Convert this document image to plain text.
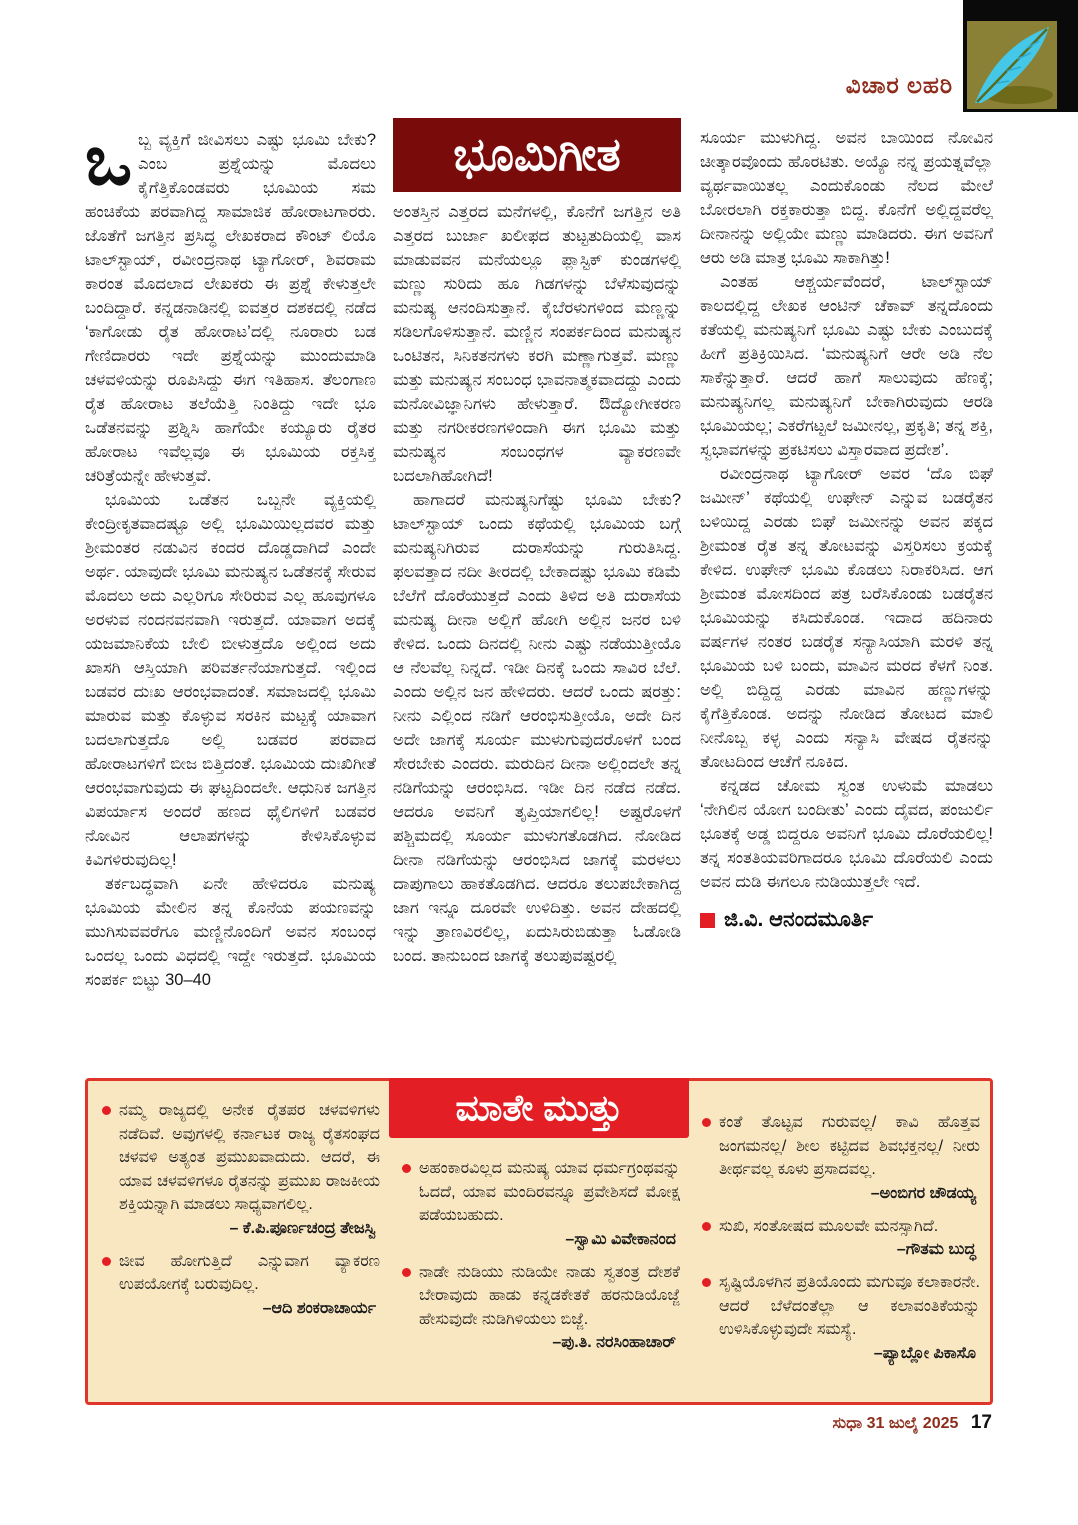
ವಿಚಾರ ಲಹರಿ
ಭೂಮಿಗೀತ

ಒಬ್ಬ ವ್ಯಕ್ತಿಗೆ ಜೀವಿಸಲು ಎಷ್ಟು ಭೂಮಿ ಬೇಕು? ಎಂಬ ಪ್ರಶ್ನೆಯನ್ನು ಮೊದಲು ಕೈಗೆತ್ತಿಕೊಂಡವರು ಭೂಮಿಯ ಸಮ ಹಂಚಿಕೆಯ ಪರವಾಗಿದ್ದ ಸಾಮಾಜಿಕ ಹೋರಾಟಗಾರರು. ಜೊತೆಗೆ ಜಗತ್ತಿನ ಪ್ರಸಿದ್ಧ ಲೇಖಕರಾದ ಕೌಂಟ್ ಲಿಯೊ ಟಾಲ್‌ಸ್ಟಾಯ್, ರವೀಂದ್ರನಾಥ ಟ್ಯಾಗೋರ್, ಶಿವರಾಮ ಕಾರಂತ ಮೊದಲಾದ ಲೇಖಕರು ಈ ಪ್ರಶ್ನೆ ಕೇಳುತ್ತಲೇ ಬಂದಿದ್ದಾರೆ. ಕನ್ನಡನಾಡಿನಲ್ಲಿ ಐವತ್ತರ ದಶಕದಲ್ಲಿ ನಡೆದ ‘ಕಾಗೋಡು ರೈತ ಹೋರಾಟ’ದಲ್ಲಿ ನೂರಾರು ಬಡ ಗೇಣಿದಾರರು ಇದೇ ಪ್ರಶ್ನೆಯನ್ನು ಮುಂದುಮಾಡಿ ಚಳವಳಿಯನ್ನು ರೂಪಿಸಿದ್ದು ಈಗ ಇತಿಹಾಸ. ತೆಲಂಗಾಣ ರೈತ ಹೋರಾಟ ತಲೆಯೆತ್ತಿ ನಿಂತಿದ್ದು ಇದೇ ಭೂ ಒಡೆತನವನ್ನು ಪ್ರಶ್ನಿಸಿ ಹಾಗೆಯೇ ಕಯ್ಯೂರು ರೈತರ ಹೋರಾಟ ಇವೆಲ್ಲವೂ ಈ ಭೂಮಿಯ ರಕ್ತಸಿಕ್ತ ಚರಿತ್ರೆಯನ್ನೇ ಹೇಳುತ್ತವೆ.

ಭೂಮಿಯ ಒಡೆತನ ಒಬ್ಬನೇ ವ್ಯಕ್ತಿಯಲ್ಲಿ ಕೇಂದ್ರೀಕೃತವಾದಷ್ಟೂ ಅಲ್ಲಿ ಭೂಮಿಯಿಲ್ಲದವರ ಮತ್ತು ಶ್ರೀಮಂತರ ನಡುವಿನ ಕಂದರ ದೊಡ್ಡದಾಗಿದೆ ಎಂದೇ ಅರ್ಥ. ಯಾವುದೇ ಭೂಮಿ ಮನುಷ್ಯನ ಒಡೆತನಕ್ಕೆ ಸೇರುವ ಮೊದಲು ಅದು ಎಲ್ಲರಿಗೂ ಸೇರಿರುವ ಎಲ್ಲ ಹೂವುಗಳೂ ಅರಳುವ ನಂದನವನವಾಗಿ ಇರುತ್ತದೆ. ಯಾವಾಗ ಅದಕ್ಕೆ ಯಜಮಾನಿಕೆಯ ಬೇಲಿ ಬೀಳುತ್ತದೊ ಅಲ್ಲಿಂದ ಅದು ಖಾಸಗಿ ಆಸ್ತಿಯಾಗಿ ಪರಿವರ್ತನೆಯಾಗುತ್ತದೆ. ಇಲ್ಲಿಂದ ಬಡವರ ದುಃಖ ಆರಂಭವಾದಂತೆ. ಸಮಾಜದಲ್ಲಿ ಭೂಮಿ ಮಾರುವ ಮತ್ತು ಕೊಳ್ಳುವ ಸರಕಿನ ಮಟ್ಟಕ್ಕೆ ಯಾವಾಗ ಬದಲಾಗುತ್ತದೊ ಅಲ್ಲಿ ಬಡವರ ಪರವಾದ ಹೋರಾಟಗಳಿಗೆ ಬೀಜ ಬಿತ್ತಿದಂತೆ. ಭೂಮಿಯ ದುಃಖಿಗೀತೆ ಆರಂಭವಾಗುವುದು ಈ ಘಟ್ಟದಿಂದಲೇ. ಆಧುನಿಕ ಜಗತ್ತಿನ ವಿಪರ್ಯಾಸ ಅಂದರೆ ಹಣದ ಥೈಲಿಗಳಿಗೆ ಬಡವರ ನೋವಿನ ಆಲಾಪಗಳನ್ನು ಕೇಳಿಸಿಕೊಳ್ಳುವ ಕಿವಿಗಳಿರುವುದಿಲ್ಲ!

ತರ್ಕಬದ್ಧವಾಗಿ ಏನೇ ಹೇಳಿದರೂ ಮನುಷ್ಯ ಭೂಮಿಯ ಮೇಲಿನ ತನ್ನ ಕೊನೆಯ ಪಯಣವನ್ನು ಮುಗಿಸುವವರೆಗೂ ಮಣ್ಣಿನೊಂದಿಗೆ ಅವನ ಸಂಬಂಧ ಒಂದಲ್ಲ ಒಂದು ವಿಧದಲ್ಲಿ ಇದ್ದೇ ಇರುತ್ತದೆ. ಭೂಮಿಯ ಸಂಪರ್ಕ ಬಿಟ್ಟು 30–40

ಅಂತಸ್ತಿನ ಎತ್ತರದ ಮನೆಗಳಲ್ಲಿ, ಕೊನೆಗೆ ಜಗತ್ತಿನ ಅತಿ ಎತ್ತರದ ಬುರ್ಜಾ ಖಲೀಫದ ತುಟ್ಟತುದಿಯಲ್ಲಿ ವಾಸ ಮಾಡುವವನ ಮನೆಯಲ್ಲೂ ಪ್ಲಾಸ್ಟಿಕ್ ಕುಂಡಗಳಲ್ಲಿ ಮಣ್ಣು ಸುರಿದು ಹೂ ಗಿಡಗಳನ್ನು ಬೆಳೆಸುವುದನ್ನು ಮನುಷ್ಯ ಆನಂದಿಸುತ್ತಾನೆ. ಕೈಬೆರಳುಗಳಿಂದ ಮಣ್ಣನ್ನು ಸಡಿಲಗೊಳಿಸುತ್ತಾನೆ. ಮಣ್ಣಿನ ಸಂಪರ್ಕದಿಂದ ಮನುಷ್ಯನ ಒಂಟಿತನ, ಸಿನಿಕತನಗಳು ಕರಗಿ ಮಣ್ಣಾಗುತ್ತವೆ. ಮಣ್ಣು ಮತ್ತು ಮನುಷ್ಯನ ಸಂಬಂಧ ಭಾವನಾತ್ಮಕವಾದದ್ದು ಎಂದು ಮನೋವಿಜ್ಞಾನಿಗಳು ಹೇಳುತ್ತಾರೆ. ಔದ್ಯೋಗೀಕರಣ ಮತ್ತು ನಗರೀಕರಣಗಳಿಂದಾಗಿ ಈಗ ಭೂಮಿ ಮತ್ತು ಮನುಷ್ಯನ ಸಂಬಂಧಗಳ ವ್ಯಾಕರಣವೇ ಬದಲಾಗಿಹೋಗಿದೆ!

ಹಾಗಾದರೆ ಮನುಷ್ಯನಿಗೆಷ್ಟು ಭೂಮಿ ಬೇಕು? ಟಾಲ್‌ಸ್ಟಾಯ್ ಒಂದು ಕಥೆಯಲ್ಲಿ ಭೂಮಿಯ ಬಗ್ಗೆ ಮನುಷ್ಯನಿಗಿರುವ ದುರಾಸೆಯನ್ನು ಗುರುತಿಸಿದ್ದ. ಫಲವತ್ತಾದ ನದೀ ತೀರದಲ್ಲಿ ಬೇಕಾದಷ್ಟು ಭೂಮಿ ಕಡಿಮೆ ಬೆಲೆಗೆ ದೊರೆಯುತ್ತದೆ ಎಂದು ತಿಳಿದ ಅತಿ ದುರಾಸೆಯ ಮನುಷ್ಯ ದೀನಾ ಅಲ್ಲಿಗೆ ಹೋಗಿ ಅಲ್ಲಿನ ಜನರ ಬಳಿ ಕೇಳಿದ. ಒಂದು ದಿನದಲ್ಲಿ ನೀನು ಎಷ್ಟು ನಡೆಯುತ್ತೀಯೊ ಆ ನೆಲವೆಲ್ಲ ನಿನ್ನದೆ. ಇಡೀ ದಿನಕ್ಕೆ ಒಂದು ಸಾವಿರ ಬೆಲೆ. ಎಂದು ಅಲ್ಲಿನ ಜನ ಹೇಳಿದರು. ಆದರೆ ಒಂದು ಷರತ್ತು: ನೀನು ಎಲ್ಲಿಂದ ನಡಿಗೆ ಆರಂಭಿಸುತ್ತೀಯೊ, ಅದೇ ದಿನ ಅದೇ ಜಾಗಕ್ಕೆ ಸೂರ್ಯ ಮುಳುಗುವುದರೊಳಗೆ ಬಂದ ಸೇರಬೇಕು ಎಂದರು. ಮರುದಿನ ದೀನಾ ಅಲ್ಲಿಂದಲೇ ತನ್ನ ನಡಿಗೆಯನ್ನು ಆರಂಭಿಸಿದ. ಇಡೀ ದಿನ ನಡೆದ ನಡೆದ. ಆದರೂ ಅವನಿಗೆ ತೃಪ್ತಿಯಾಗಲಿಲ್ಲ! ಅಷ್ಟರೊಳಗೆ ಪಶ್ಚಿಮದಲ್ಲಿ ಸೂರ್ಯ ಮುಳುಗತೊಡಗಿದ. ನೋಡಿದ ದೀನಾ ನಡಿಗೆಯನ್ನು ಆರಂಭಿಸಿದ ಜಾಗಕ್ಕೆ ಮರಳಲು ದಾಪುಗಾಲು ಹಾಕತೊಡಗಿದ. ಆದರೂ ತಲುಪಬೇಕಾಗಿದ್ದ ಜಾಗ ಇನ್ನೂ ದೂರವೇ ಉಳಿದಿತ್ತು. ಅವನ ದೇಹದಲ್ಲಿ ಇನ್ನು ತ್ರಾಣವಿರಲಿಲ್ಲ, ಏದುಸಿರುಬಿಡುತ್ತಾ ಓಡೋಡಿ ಬಂದ. ತಾನುಬಂದ ಜಾಗಕ್ಕೆ ತಲುಪುವಷ್ಟರಲ್ಲಿ

ಸೂರ್ಯ ಮುಳುಗಿದ್ದ. ಅವನ ಬಾಯಿಂದ ನೋವಿನ ಚೀತ್ಕಾರವೊಂದು ಹೊರಟಿತು. ಅಯ್ಯೊ ನನ್ನ ಪ್ರಯತ್ನವೆಲ್ಲಾ ವ್ಯರ್ಥವಾಯಿತಲ್ಲ ಎಂದುಕೊಂಡು ನೆಲದ ಮೇಲೆ ಬೋರಲಾಗಿ ರಕ್ತಕಾರುತ್ತಾ ಬಿದ್ದ. ಕೊನೆಗೆ ಅಲ್ಲಿದ್ದವರೆಲ್ಲ ದೀನಾನನ್ನು ಅಲ್ಲಿಯೇ ಮಣ್ಣು ಮಾಡಿದರು. ಈಗ ಅವನಿಗೆ ಆರು ಅಡಿ ಮಾತ್ರ ಭೂಮಿ ಸಾಕಾಗಿತ್ತು!

ಎಂತಹ ಆಶ್ಚರ್ಯವೆಂದರೆ, ಟಾಲ್‌ಸ್ಟಾಯ್ ಕಾಲದಲ್ಲಿದ್ದ ಲೇಖಕ ಆಂಟಿನ್ ಚೆಕಾವ್ ತನ್ನದೊಂದು ಕತೆಯಲ್ಲಿ ಮನುಷ್ಯನಿಗೆ ಭೂಮಿ ಎಷ್ಟು ಬೇಕು ಎಂಬುದಕ್ಕೆ ಹೀಗೆ ಪ್ರತಿಕ್ರಿಯಿಸಿದ. ‘ಮನುಷ್ಯನಿಗೆ ಆರೇ ಅಡಿ ನೆಲ ಸಾಕೆನ್ನುತ್ತಾರೆ. ಆದರೆ ಹಾಗೆ ಸಾಲುವುದು ಹೆಣಕ್ಕೆ; ಮನುಷ್ಯನಿಗಲ್ಲ ಮನುಷ್ಯನಿಗೆ ಬೇಕಾಗಿರುವುದು ಆರಡಿ ಭೂಮಿಯಲ್ಲ; ಎಕರೆಗಟ್ಟಲೆ ಜಮೀನಲ್ಲ, ಪ್ರಕೃತಿ; ತನ್ನ ಶಕ್ತಿ, ಸ್ವಭಾವಗಳನ್ನು ಪ್ರಕಟಿಸಲು ವಿಸ್ತಾರವಾದ ಪ್ರದೇಶ’.

ರವೀಂದ್ರನಾಥ ಟ್ಯಾಗೋರ್ ಅವರ ‘ದೊ ಬಿಘೆ ಜಮೀನ್’ ಕಥೆಯಲ್ಲಿ ಉಘೇನ್ ಎನ್ನುವ ಬಡರೈತನ ಬಳಿಯಿದ್ದ ಎರಡು ಬಿಘೆ ಜಮೀನನ್ನು ಅವನ ಪಕ್ಕದ ಶ್ರೀಮಂತ ರೈತ ತನ್ನ ತೋಟವನ್ನು ವಿಸ್ತರಿಸಲು ಕ್ರಯಕ್ಕೆ ಕೇಳಿದ. ಉಘೇನ್ ಭೂಮಿ ಕೊಡಲು ನಿರಾಕರಿಸಿದ. ಆಗ ಶ್ರೀಮಂತ ಮೋಸದಿಂದ ಪತ್ರ ಬರೆಸಿಕೊಂಡು ಬಡರೈತನ ಭೂಮಿಯನ್ನು ಕಸಿದುಕೊಂಡ. ಇದಾದ ಹದಿನಾರು ವರ್ಷಗಳ ನಂತರ ಬಡರೈತ ಸನ್ಯಾಸಿಯಾಗಿ ಮರಳಿ ತನ್ನ ಭೂಮಿಯ ಬಳಿ ಬಂದು, ಮಾವಿನ ಮರದ ಕೆಳಗೆ ನಿಂತ. ಅಲ್ಲಿ ಬಿದ್ದಿದ್ದ ಎರಡು ಮಾವಿನ ಹಣ್ಣುಗಳನ್ನು ಕೈಗೆತ್ತಿಕೊಂಡ. ಅದನ್ನು ನೋಡಿದ ತೋಟದ ಮಾಲಿ ನೀನೊಬ್ಬ ಕಳ್ಳ ಎಂದು ಸನ್ಯಾಸಿ ವೇಷದ ರೈತನನ್ನು ತೋಟದಿಂದ ಆಚೆಗೆ ನೂಕಿದ.

ಕನ್ನಡದ ಚೋಮ ಸ್ವಂತ ಉಳುಮೆ ಮಾಡಲು ‘ನೇಗಿಲಿನ ಯೋಗ ಬಂದೀತು’ ಎಂದು ದೈವದ, ಪಂಜುರ್ಲಿ ಭೂತಕ್ಕೆ ಅಡ್ಡ ಬಿದ್ದರೂ ಅವನಿಗೆ ಭೂಮಿ ದೊರೆಯಲಿಲ್ಲ! ತನ್ನ ಸಂತತಿಯವರಿಗಾದರೂ ಭೂಮಿ ದೊರೆಯಲಿ ಎಂದು ಅವನ ದುಡಿ ಈಗಲೂ ನುಡಿಯುತ್ತಲೇ ಇದೆ.

ಜಿ.ವಿ. ಆನಂದಮೂರ್ತಿ

ಮಾತೇ ಮುತ್ತು

ನಮ್ಮ ರಾಜ್ಯದಲ್ಲಿ ಅನೇಕ ರೈತಪರ ಚಳವಳಿಗಳು ನಡೆದಿವೆ. ಅವುಗಳಲ್ಲಿ ಕರ್ನಾಟಕ ರಾಜ್ಯ ರೈತಸಂಘದ ಚಳವಳಿ ಅತ್ಯಂತ ಪ್ರಮುಖವಾದುದು. ಆದರೆ, ಈ ಯಾವ ಚಳವಳಿಗಳೂ ರೈತನನ್ನು ಪ್ರಮುಖ ರಾಜಕೀಯ ಶಕ್ತಿಯನ್ನಾಗಿ ಮಾಡಲು ಸಾಧ್ಯವಾಗಲಿಲ್ಲ.

– ಕೆ.ಪಿ.ಪೂರ್ಣಚಂದ್ರ ತೇಜಸ್ವಿ

ಜೀವ ಹೋಗುತ್ತಿದೆ ಎನ್ನುವಾಗ ವ್ಯಾಕರಣ ಉಪಯೋಗಕ್ಕೆ ಬರುವುದಿಲ್ಲ.

–ಆದಿ ಶಂಕರಾಚಾರ್ಯ

ಅಹಂಕಾರವಿಲ್ಲದ ಮನುಷ್ಯ ಯಾವ ಧರ್ಮಗ್ರಂಥವನ್ನು ಓದದೆ, ಯಾವ ಮಂದಿರವನ್ನೂ ಪ್ರವೇಶಿಸದೆ ಮೋಕ್ಷ ಪಡೆಯಬಹುದು.

–ಸ್ವಾಮಿ ವಿವೇಕಾನಂದ

ನಾಡೇ ನುಡಿಯು ನುಡಿಯೇ ನಾಡು ಸ್ವತಂತ್ರ ದೇಶಕೆ ಬೇರಾವುದು ಹಾಡು ಕನ್ನಡಕೇತಕೆ ಹರನುಡಿಯೊಜ್ಜೆ ಹೇಸುವುದೇ ನುಡಿಗಿಳಿಯಲು ಬಿಜ್ಜೆ.

–ಪು.ತಿ. ನರಸಿಂಹಾಚಾರ್

ಕಂತೆ ತೊಟ್ಟವ ಗುರುವಲ್ಲ/ ಕಾವಿ ಹೊತ್ತವ ಜಂಗಮನಲ್ಲ/ ಶೀಲ ಕಟ್ಟಿದವ ಶಿವಭಕ್ತನಲ್ಲ/ ನೀರು ತೀರ್ಥವಲ್ಲ ಕೂಳು ಪ್ರಸಾದವಲ್ಲ.

–ಅಂಬಿಗರ ಚೌಡಯ್ಯ

ಸುಖಿ, ಸಂತೋಷದ ಮೂಲವೇ ಮನಸ್ಸಾಗಿದೆ.

–ಗೌತಮ ಬುದ್ಧ

ಸೃಷ್ಟಿಯೊಳಗಿನ ಪ್ರತಿಯೊಂದು ಮಗುವೂ ಕಲಾಕಾರನೇ. ಆದರೆ ಬೆಳೆದಂತೆಲ್ಲಾ ಆ ಕಲಾವಂತಿಕೆಯನ್ನು ಉಳಿಸಿಕೊಳ್ಳುವುದೇ ಸಮಸ್ಯೆ.

–ಪ್ಯಾಬ್ಲೋ ಪಿಕಾಸೊ

ಸುಧಾ 31 ಜುಲೈ 2025 17
